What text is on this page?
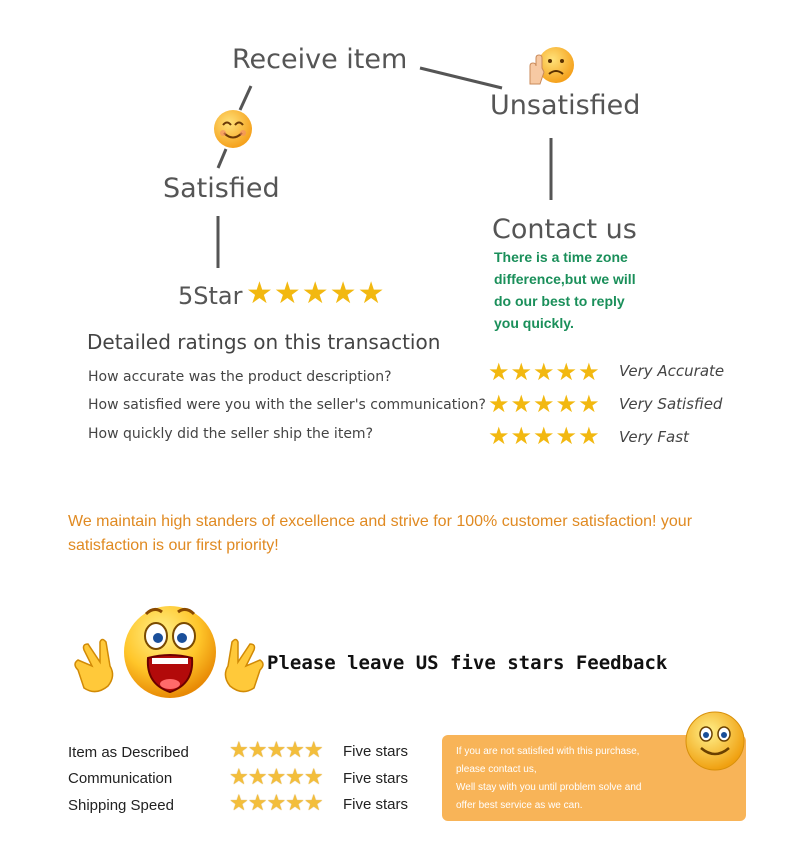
Receive item
Unsatisfied
Satisfied
Contact us
5Star
There is a time zone
difference,but we will
do our best to reply
you quickly.
★★★★★
Detailed ratings on this transaction
How accurate was the product description?
How satisfied were you with the seller's communication?
How quickly did the seller ship the item?
★★★★★
★★★★★
★★★★★
Very Accurate
Very Satisfied
Very Fast
We maintain high standers of excellence and strive for 100% customer satisfaction! your
satisfaction is our first priority!
Please leave US five stars Feedback
Item as Described
Communication
Shipping Speed
★★★★★
★★★★★
★★★★★
Five stars
Five stars
Five stars
If you are not satisfied with this purchase,
please contact us,
Well stay with you until problem solve and
offer best service as we can.
